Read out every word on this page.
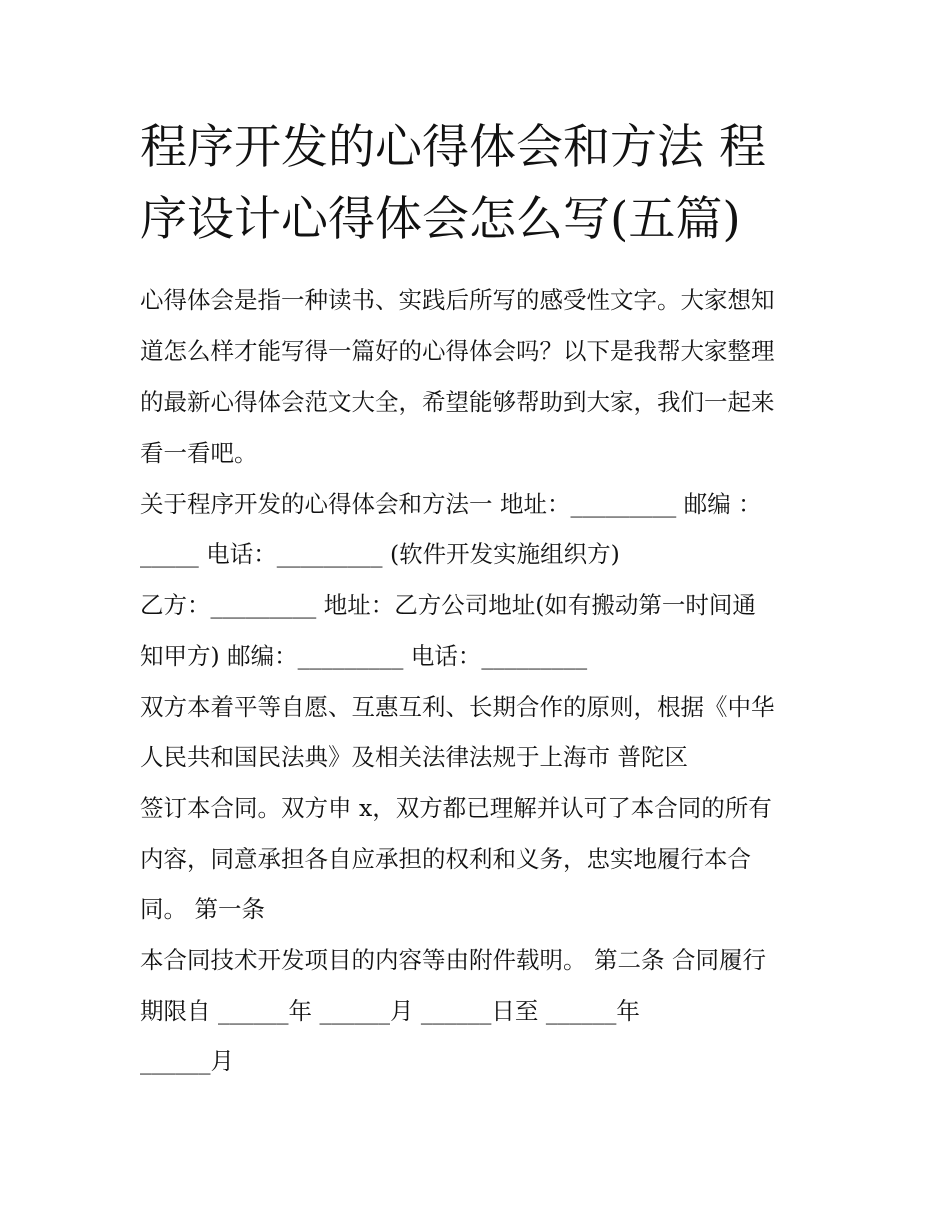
程序开发的心得体会和方法 程
序设计心得体会怎么写(五篇)

心得体会是指一种读书、实践后所写的感受性文字。大家想知

道怎么样才能写得一篇好的心得体会吗？以下是我帮大家整理

的最新心得体会范文大全，希望能够帮助到大家，我们一起来

看一看吧。

关于程序开发的心得体会和方法一 地址：_________ 邮编 ：

_____ 电话：_________ (软件开发实施组织方)

乙方：_________ 地址：乙方公司地址(如有搬动第一时间通

知甲方) 邮编：_________ 电话：_________

双方本着平等自愿、互惠互利、长期合作的原则，根据《中华

人民共和国民法典》及相关法律法规于上海市 普陀区

签订本合同。双方申 x，双方都已理解并认可了本合同的所有

内容，同意承担各自应承担的权利和义务，忠实地履行本合

同。 第一条

本合同技术开发项目的内容等由附件载明。 第二条 合同履行

期限自 ______年 ______月 ______日至 ______年

______月
